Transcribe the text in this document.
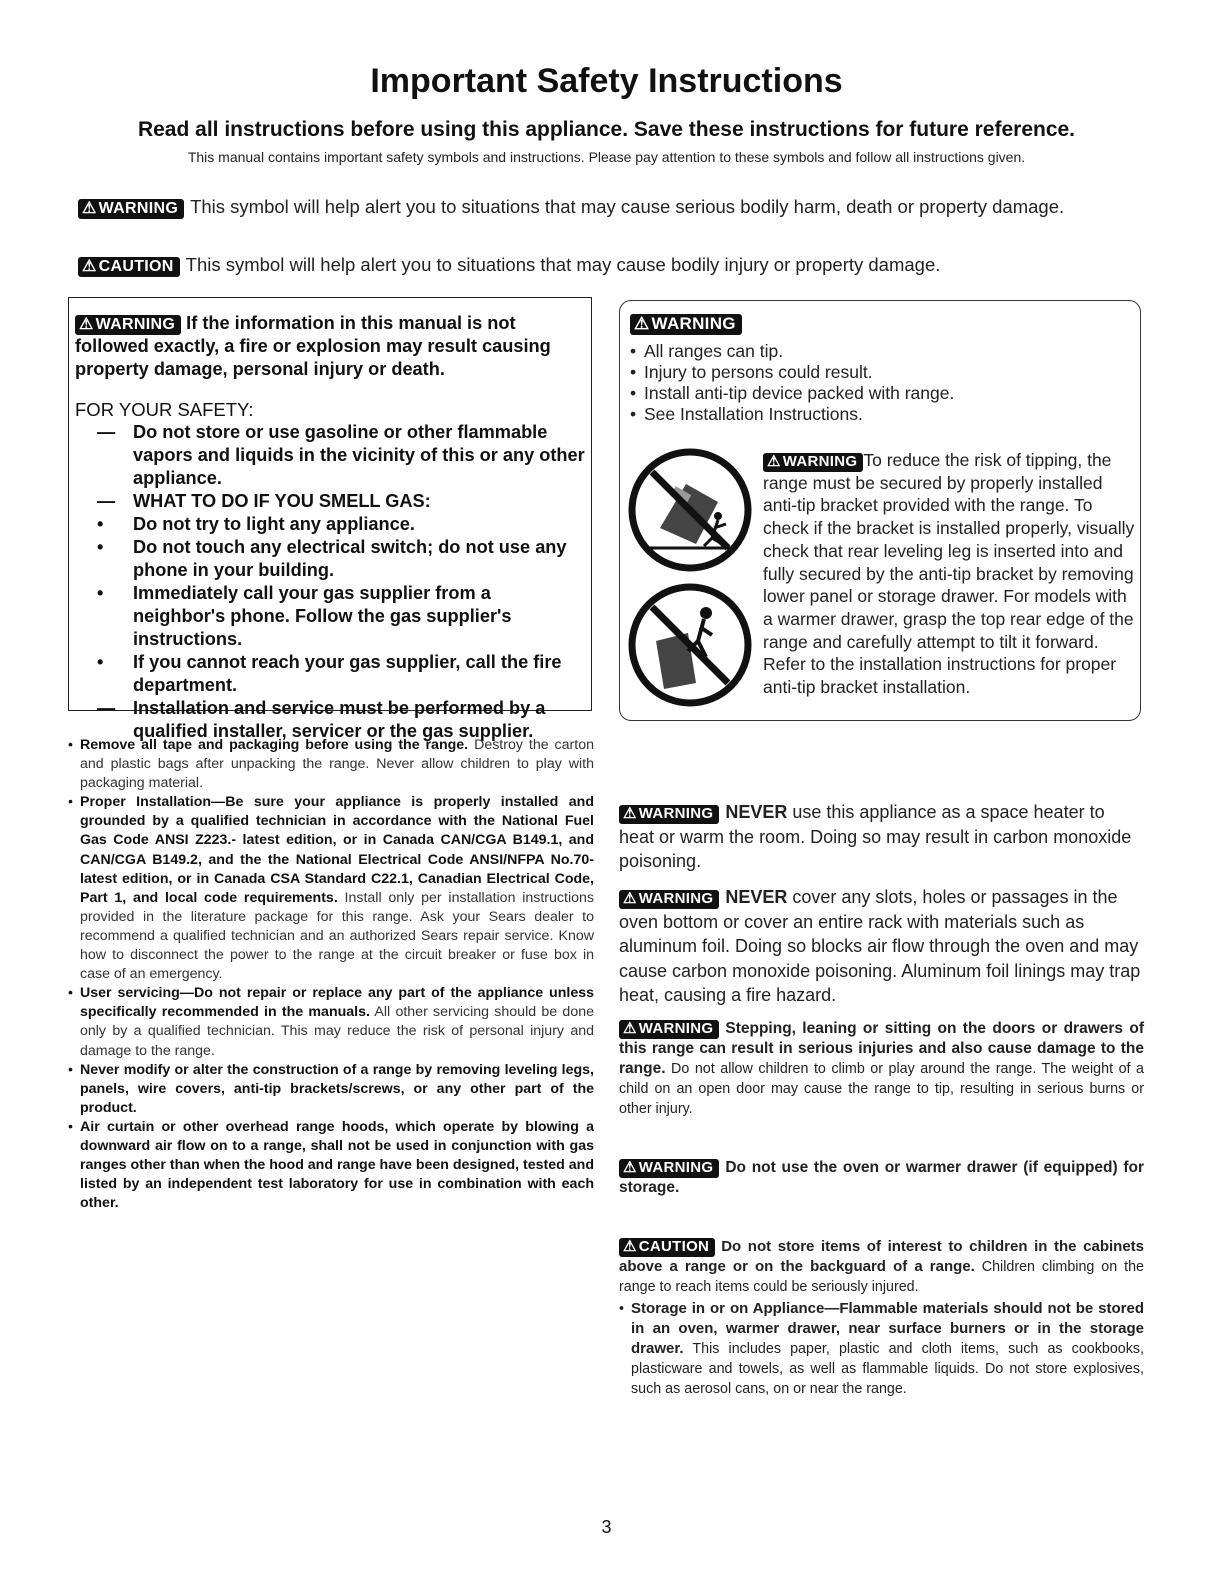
Important Safety Instructions
Read all instructions before using this appliance. Save these instructions for future reference.
This manual contains important safety symbols and instructions. Please pay attention to these symbols and follow all instructions given.
⚠ WARNING This symbol will help alert you to situations that may cause serious bodily harm, death or property damage.
⚠ CAUTION This symbol will help alert you to situations that may cause bodily injury or property damage.
⚠ WARNING If the information in this manual is not followed exactly, a fire or explosion may result causing property damage, personal injury or death.
FOR YOUR SAFETY:
— Do not store or use gasoline or other flammable vapors and liquids in the vicinity of this or any other appliance.
— WHAT TO DO IF YOU SMELL GAS:
• Do not try to light any appliance.
• Do not touch any electrical switch; do not use any phone in your building.
• Immediately call your gas supplier from a neighbor's phone. Follow the gas supplier's instructions.
• If you cannot reach your gas supplier, call the fire department.
— Installation and service must be performed by a qualified installer, servicer or the gas supplier.
⚠ WARNING
• All ranges can tip.
• Injury to persons could result.
• Install anti-tip device packed with range.
• See Installation Instructions.
⚠ WARNING To reduce the risk of tipping, the range must be secured by properly installed anti-tip bracket provided with the range. To check if the bracket is installed properly, visually check that rear leveling leg is inserted into and fully secured by the anti-tip bracket by removing lower panel or storage drawer. For models with a warmer drawer, grasp the top rear edge of the range and carefully attempt to tilt it forward. Refer to the installation instructions for proper anti-tip bracket installation.
• Remove all tape and packaging before using the range. Destroy the carton and plastic bags after unpacking the range. Never allow children to play with packaging material.
• Proper Installation—Be sure your appliance is properly installed and grounded by a qualified technician in accordance with the National Fuel Gas Code ANSI Z223.- latest edition, or in Canada CAN/CGA B149.1, and CAN/CGA B149.2, and the the National Electrical Code ANSI/NFPA No.70-latest edition, or in Canada CSA Standard C22.1, Canadian Electrical Code, Part 1, and local code requirements. Install only per installation instructions provided in the literature package for this range. Ask your Sears dealer to recommend a qualified technician and an authorized Sears repair service. Know how to disconnect the power to the range at the circuit breaker or fuse box in case of an emergency.
• User servicing—Do not repair or replace any part of the appliance unless specifically recommended in the manuals. All other servicing should be done only by a qualified technician. This may reduce the risk of personal injury and damage to the range.
• Never modify or alter the construction of a range by removing leveling legs, panels, wire covers, anti-tip brackets/screws, or any other part of the product.
• Air curtain or other overhead range hoods, which operate by blowing a downward air flow on to a range, shall not be used in conjunction with gas ranges other than when the hood and range have been designed, tested and listed by an independent test laboratory for use in combination with each other.
⚠ WARNING NEVER use this appliance as a space heater to heat or warm the room. Doing so may result in carbon monoxide poisoning.
⚠ WARNING NEVER cover any slots, holes or passages in the oven bottom or cover an entire rack with materials such as aluminum foil. Doing so blocks air flow through the oven and may cause carbon monoxide poisoning. Aluminum foil linings may trap heat, causing a fire hazard.
⚠ WARNING Stepping, leaning or sitting on the doors or drawers of this range can result in serious injuries and also cause damage to the range. Do not allow children to climb or play around the range. The weight of a child on an open door may cause the range to tip, resulting in serious burns or other injury.
⚠ WARNING Do not use the oven or warmer drawer (if equipped) for storage.
⚠ CAUTION Do not store items of interest to children in the cabinets above a range or on the backguard of a range. Children climbing on the range to reach items could be seriously injured.
• Storage in or on Appliance—Flammable materials should not be stored in an oven, warmer drawer, near surface burners or in the storage drawer. This includes paper, plastic and cloth items, such as cookbooks, plasticware and towels, as well as flammable liquids. Do not store explosives, such as aerosol cans, on or near the range.
3
